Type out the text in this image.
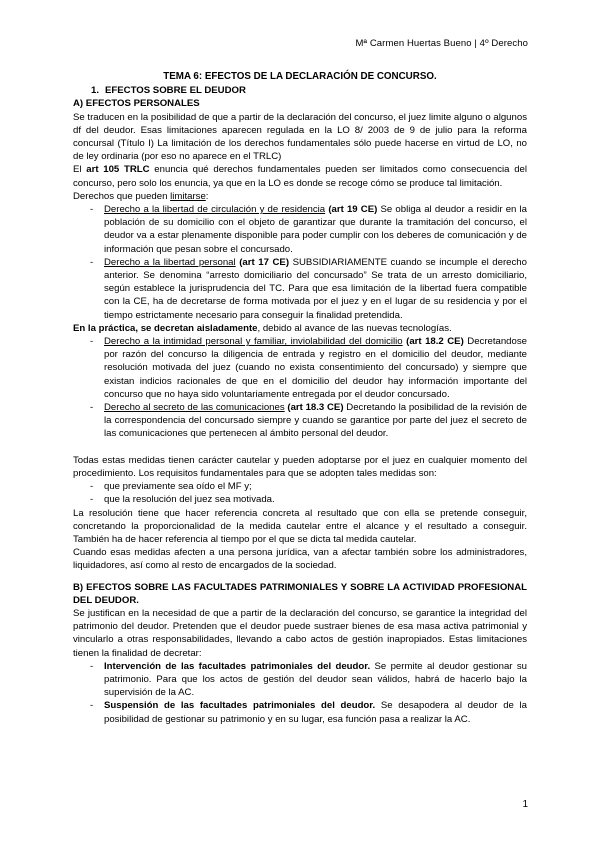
Mª Carmen Huertas Bueno | 4º Derecho

TEMA 6: EFECTOS DE LA DECLARACIÓN DE CONCURSO.

1. EFECTOS SOBRE EL DEUDOR

A) EFECTOS PERSONALES

Se traducen en la posibilidad de que a partir de la declaración del concurso, el juez limite alguno o algunos df del deudor. Esas limitaciones aparecen regulada en la LO 8/ 2003 de 9 de julio para la reforma concursal (Título I) La limitación de los derechos fundamentales sólo puede hacerse en virtud de LO, no de ley ordinaria (por eso no aparece en el TRLC)

El art 105 TRLC enuncia qué derechos fundamentales pueden ser limitados como consecuencia del concurso, pero solo los enuncia, ya que en la LO es donde se recoge cómo se produce tal limitación.

Derechos que pueden limitarse:

- Derecho a la libertad de circulación y de residencia (art 19 CE) Se obliga al deudor a residir en la población de su domicilio con el objeto de garantizar que durante la tramitación del concurso, el deudor va a estar plenamente disponible para poder cumplir con los deberes de comunicación y de información que pesan sobre el concursado.
- Derecho a la libertad personal (art 17 CE) SUBSIDIARIAMENTE cuando se incumple el derecho anterior. Se denomina “arresto domiciliario del concursado” Se trata de un arresto domiciliario, según establece la jurisprudencia del TC. Para que esa limitación de la libertad fuera compatible con la CE, ha de decretarse de forma motivada por el juez y en el lugar de su residencia y por el tiempo estrictamente necesario para conseguir la finalidad pretendida.

En la práctica, se decretan aisladamente, debido al avance de las nuevas tecnologías.

- Derecho a la intimidad personal y familiar, inviolabilidad del domicilio (art 18.2 CE) Decretandose por razón del concurso la diligencia de entrada y registro en el domicilio del deudor, mediante resolución motivada del juez (cuando no exista consentimiento del concursado) y siempre que existan indicios racionales de que en el domicilio del deudor hay información importante del concurso que no haya sido voluntariamente entregada por el deudor concursado.
- Derecho al secreto de las comunicaciones (art 18.3 CE) Decretando la posibilidad de la revisión de la correspondencia del concursado siempre y cuando se garantice por parte del juez el secreto de las comunicaciones que pertenecen al ámbito personal del deudor.

Todas estas medidas tienen carácter cautelar y pueden adoptarse por el juez en cualquier momento del procedimiento. Los requisitos fundamentales para que se adopten tales medidas son:

- que previamente sea oído el MF y;
- que la resolución del juez sea motivada.

La resolución tiene que hacer referencia concreta al resultado que con ella se pretende conseguir, concretando la proporcionalidad de la medida cautelar entre el alcance y el resultado a conseguir. También ha de hacer referencia al tiempo por el que se dicta tal medida cautelar.

Cuando esas medidas afecten a una persona jurídica, van a afectar también sobre los administradores, liquidadores, así como al resto de encargados de la sociedad.

B) EFECTOS SOBRE LAS FACULTADES PATRIMONIALES Y SOBRE LA ACTIVIDAD PROFESIONAL DEL DEUDOR.

Se justifican en la necesidad de que a partir de la declaración del concurso, se garantice la integridad del patrimonio del deudor. Pretenden que el deudor puede sustraer bienes de esa masa activa patrimonial y vincularlo a otras responsabilidades, llevando a cabo actos de gestión inapropiados. Estas limitaciones tienen la finalidad de decretar:

- Intervención de las facultades patrimoniales del deudor. Se permite al deudor gestionar su patrimonio. Para que los actos de gestión del deudor sean válidos, habrá de hacerlo bajo la supervisión de la AC.
- Suspensión de las facultades patrimoniales del deudor. Se desapodera al deudor de la posibilidad de gestionar su patrimonio y en su lugar, esa función pasa a realizar la AC.
1
